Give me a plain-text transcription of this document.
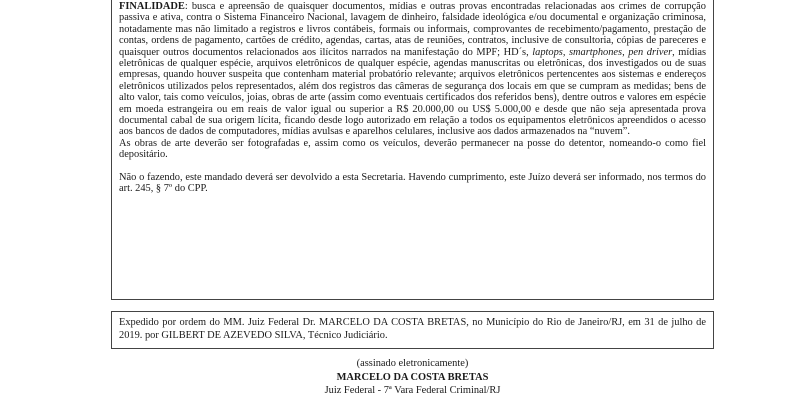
FINALIDADE: busca e apreensão de quaisquer documentos, mídias e outras provas encontradas relacionadas aos crimes de corrupção passiva e ativa, contra o Sistema Financeiro Nacional, lavagem de dinheiro, falsidade ideológica e/ou documental e organização criminosa, notadamente mas não limitado a registros e livros contábeis, formais ou informais, comprovantes de recebimento/pagamento, prestação de contas, ordens de pagamento, cartões de crédito, agendas, cartas, atas de reuniões, contratos, inclusive de consultoria, cópias de pareceres e quaisquer outros documentos relacionados aos ilícitos narrados na manifestação do MPF; HD´s, laptops, smartphones, pen driver, mídias eletrônicas de qualquer espécie, arquivos eletrônicos de qualquer espécie, agendas manuscritas ou eletrônicas, dos investigados ou de suas empresas, quando houver suspeita que contenham material probatório relevante; arquivos eletrônicos pertencentes aos sistemas e endereços eletrônicos utilizados pelos representados, além dos registros das câmeras de segurança dos locais em que se cumpram as medidas; bens de alto valor, tais como veículos, joias, obras de arte (assim como eventuais certificados dos referidos bens), dentre outros e valores em espécie em moeda estrangeira ou em reais de valor igual ou superior a R$ 20.000,00 ou US$ 5.000,00 e desde que não seja apresentada prova documental cabal de sua origem lícita, ficando desde logo autorizado em relação a todos os equipamentos eletrônicos apreendidos o acesso aos bancos de dados de computadores, mídias avulsas e aparelhos celulares, inclusive aos dados armazenados na “nuvem”.

As obras de arte deverão ser fotografadas e, assim como os veículos, deverão permanecer na posse do detentor, nomeando-o como fiel depositário.

Não o fazendo, este mandado deverá ser devolvido a esta Secretaria. Havendo cumprimento, este Juízo deverá ser informado, nos termos do art. 245, § 7º do CPP.

Expedido por ordem do MM. Juiz Federal Dr. MARCELO DA COSTA BRETAS, no Município do Rio de Janeiro/RJ, em 31 de julho de 2019. por GILBERT DE AZEVEDO SILVA, Técnico Judiciário.
(assinado eletronicamente)
MARCELO DA COSTA BRETAS
Juiz Federal - 7ª Vara Federal Criminal/RJ
